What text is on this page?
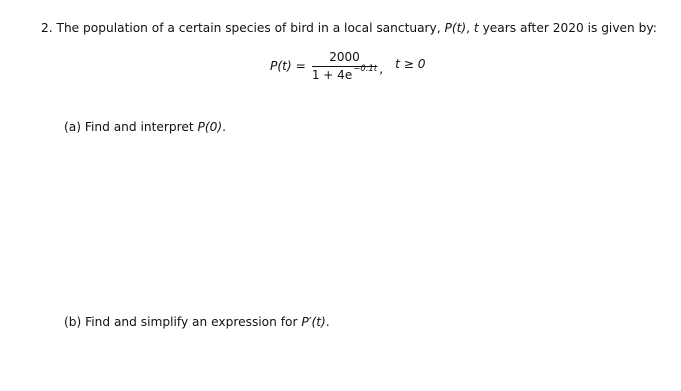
2. The population of a certain species of bird in a local sanctuary, P(t), t years after 2020 is given by:
$P(t) = \frac{2000}{1 + 4e^{-0.1t}}$ , t ≥ 0
(a) Find and interpret P(0).
(b) Find and simplify an expression for P′(t).
